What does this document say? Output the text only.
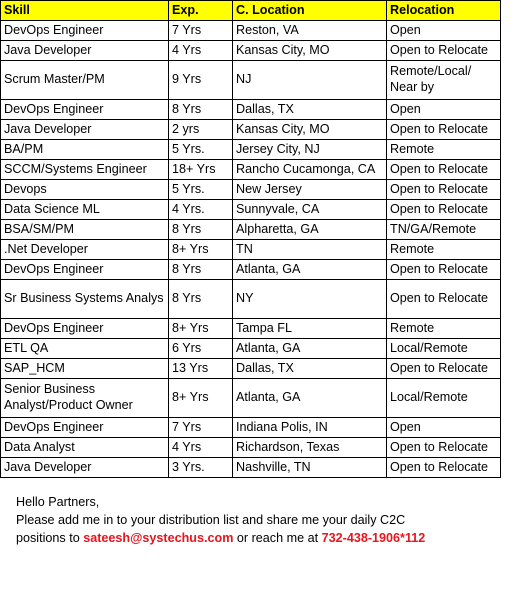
Skill	Exp.	C. Location	Relocation
DevOps Engineer	7 Yrs	Reston, VA	Open
Java Developer	4 Yrs	Kansas City, MO	Open to Relocate
Scrum Master/PM	9 Yrs	NJ	Remote/Local/ Near by
DevOps Engineer	8 Yrs	Dallas, TX	Open
Java Developer	2 yrs	Kansas City, MO	Open to Relocate
BA/PM	5 Yrs.	Jersey City, NJ	Remote
SCCM/Systems Engineer	18+ Yrs	Rancho Cucamonga, CA	Open to Relocate
Devops	5 Yrs.	New Jersey	Open to Relocate
Data Science ML	4 Yrs.	Sunnyvale, CA	Open to Relocate
BSA/SM/PM	8 Yrs	Alpharetta, GA	TN/GA/Remote
.Net Developer	8+ Yrs	TN	Remote
DevOps Engineer	8 Yrs	Atlanta, GA	Open to Relocate
Sr Business Systems Analys	8 Yrs	NY	Open to Relocate
DevOps Engineer	8+ Yrs	Tampa FL	Remote
ETL QA	6 Yrs	Atlanta, GA	Local/Remote
SAP_HCM	13 Yrs	Dallas, TX	Open to Relocate
Senior Business Analyst/Product Owner	8+ Yrs	Atlanta, GA	Local/Remote
DevOps Engineer	7 Yrs	Indiana Polis, IN	Open
Data Analyst	4 Yrs	Richardson, Texas	Open to Relocate
Java Developer	3 Yrs.	Nashville, TN	Open to Relocate

Hello Partners,

Please add me in to your distribution list and share me your daily C2C

positions to sateesh@systechus.com or reach me at 732-438-1906*112
